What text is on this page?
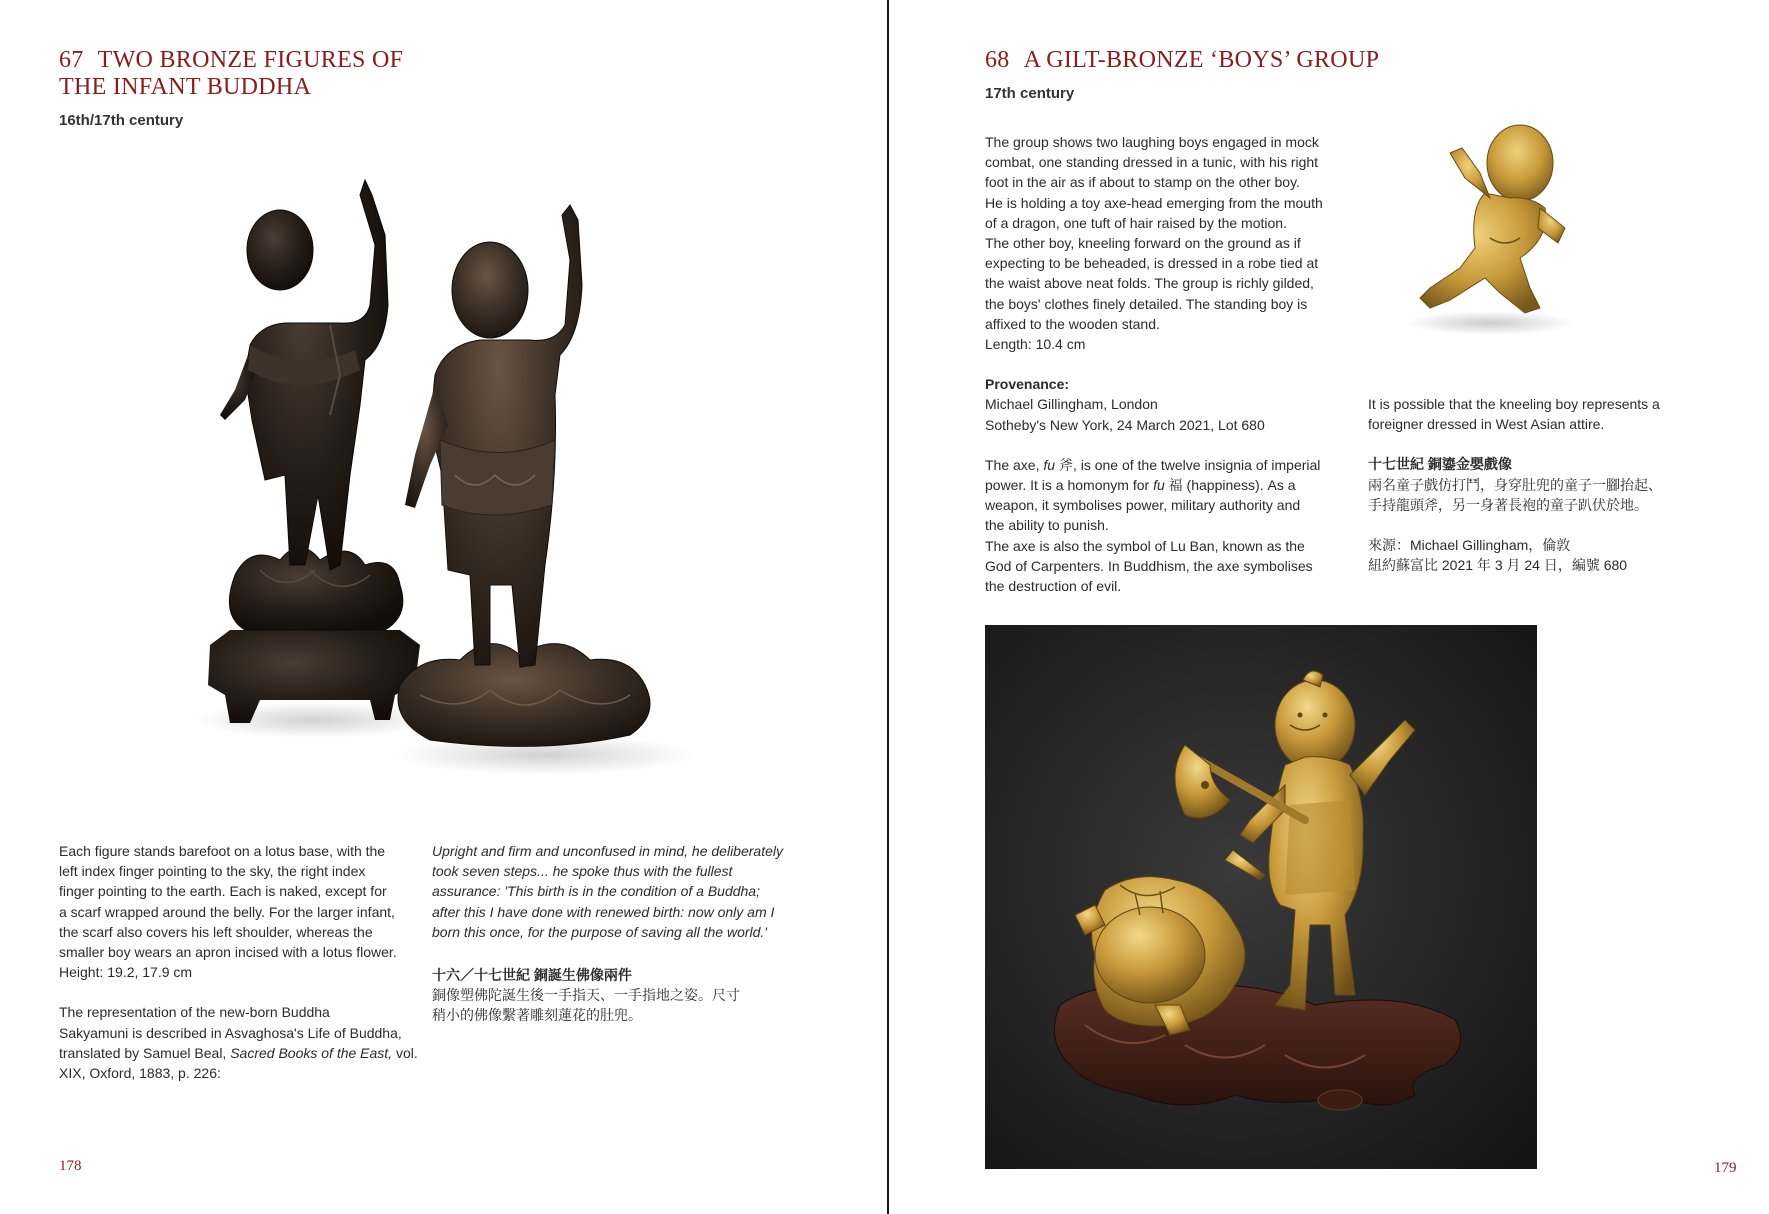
67 TWO BRONZE FIGURES OF
THE INFANT BUDDHA

16th/17th century

Each figure stands barefoot on a lotus base, with the

left index finger pointing to the sky, the right index

finger pointing to the earth. Each is naked, except for

a scarf wrapped around the belly. For the larger infant,

the scarf also covers his left shoulder, whereas the

smaller boy wears an apron incised with a lotus flower.

Height: 19.2, 17.9 cm

The representation of the new-born Buddha

Sakyamuni is described in Asvaghosa's Life of Buddha,

translated by Samuel Beal, Sacred Books of the East, vol.

XIX, Oxford, 1883, p. 226:

Upright and firm and unconfused in mind, he deliberately

took seven steps... he spoke thus with the fullest

assurance: 'This birth is in the condition of a Buddha;

after this I have done with renewed birth: now only am I

born this once, for the purpose of saving all the world.'

十六／十七世紀 銅誕生佛像兩件

銅像塑佛陀誕生後一手指天、一手指地之姿。尺寸

稍小的佛像繫著雕刻蓮花的肚兜。

178
68 A GILT-BRONZE ‘BOYS’ GROUP

17th century

The group shows two laughing boys engaged in mock

combat, one standing dressed in a tunic, with his right

foot in the air as if about to stamp on the other boy.

He is holding a toy axe-head emerging from the mouth

of a dragon, one tuft of hair raised by the motion.

The other boy, kneeling forward on the ground as if

expecting to be beheaded, is dressed in a robe tied at

the waist above neat folds. The group is richly gilded,

the boys' clothes finely detailed. The standing boy is

affixed to the wooden stand.

Length: 10.4 cm

Provenance:

Michael Gillingham, London

Sotheby's New York, 24 March 2021, Lot 680

The axe, fu 斧, is one of the twelve insignia of imperial

power. It is a homonym for fu 福 (happiness). As a

weapon, it symbolises power, military authority and

the ability to punish.

The axe is also the symbol of Lu Ban, known as the

God of Carpenters. In Buddhism, the axe symbolises

the destruction of evil.

It is possible that the kneeling boy represents a

foreigner dressed in West Asian attire.

十七世紀 銅鎏金嬰戲像

兩名童子戲仿打鬥，身穿肚兜的童子一腳抬起、

手持龍頭斧，另一身著長袍的童子趴伏於地。

來源：Michael Gillingham，倫敦

紐約蘇富比 2021 年 3 月 24 日，編號 680

179
